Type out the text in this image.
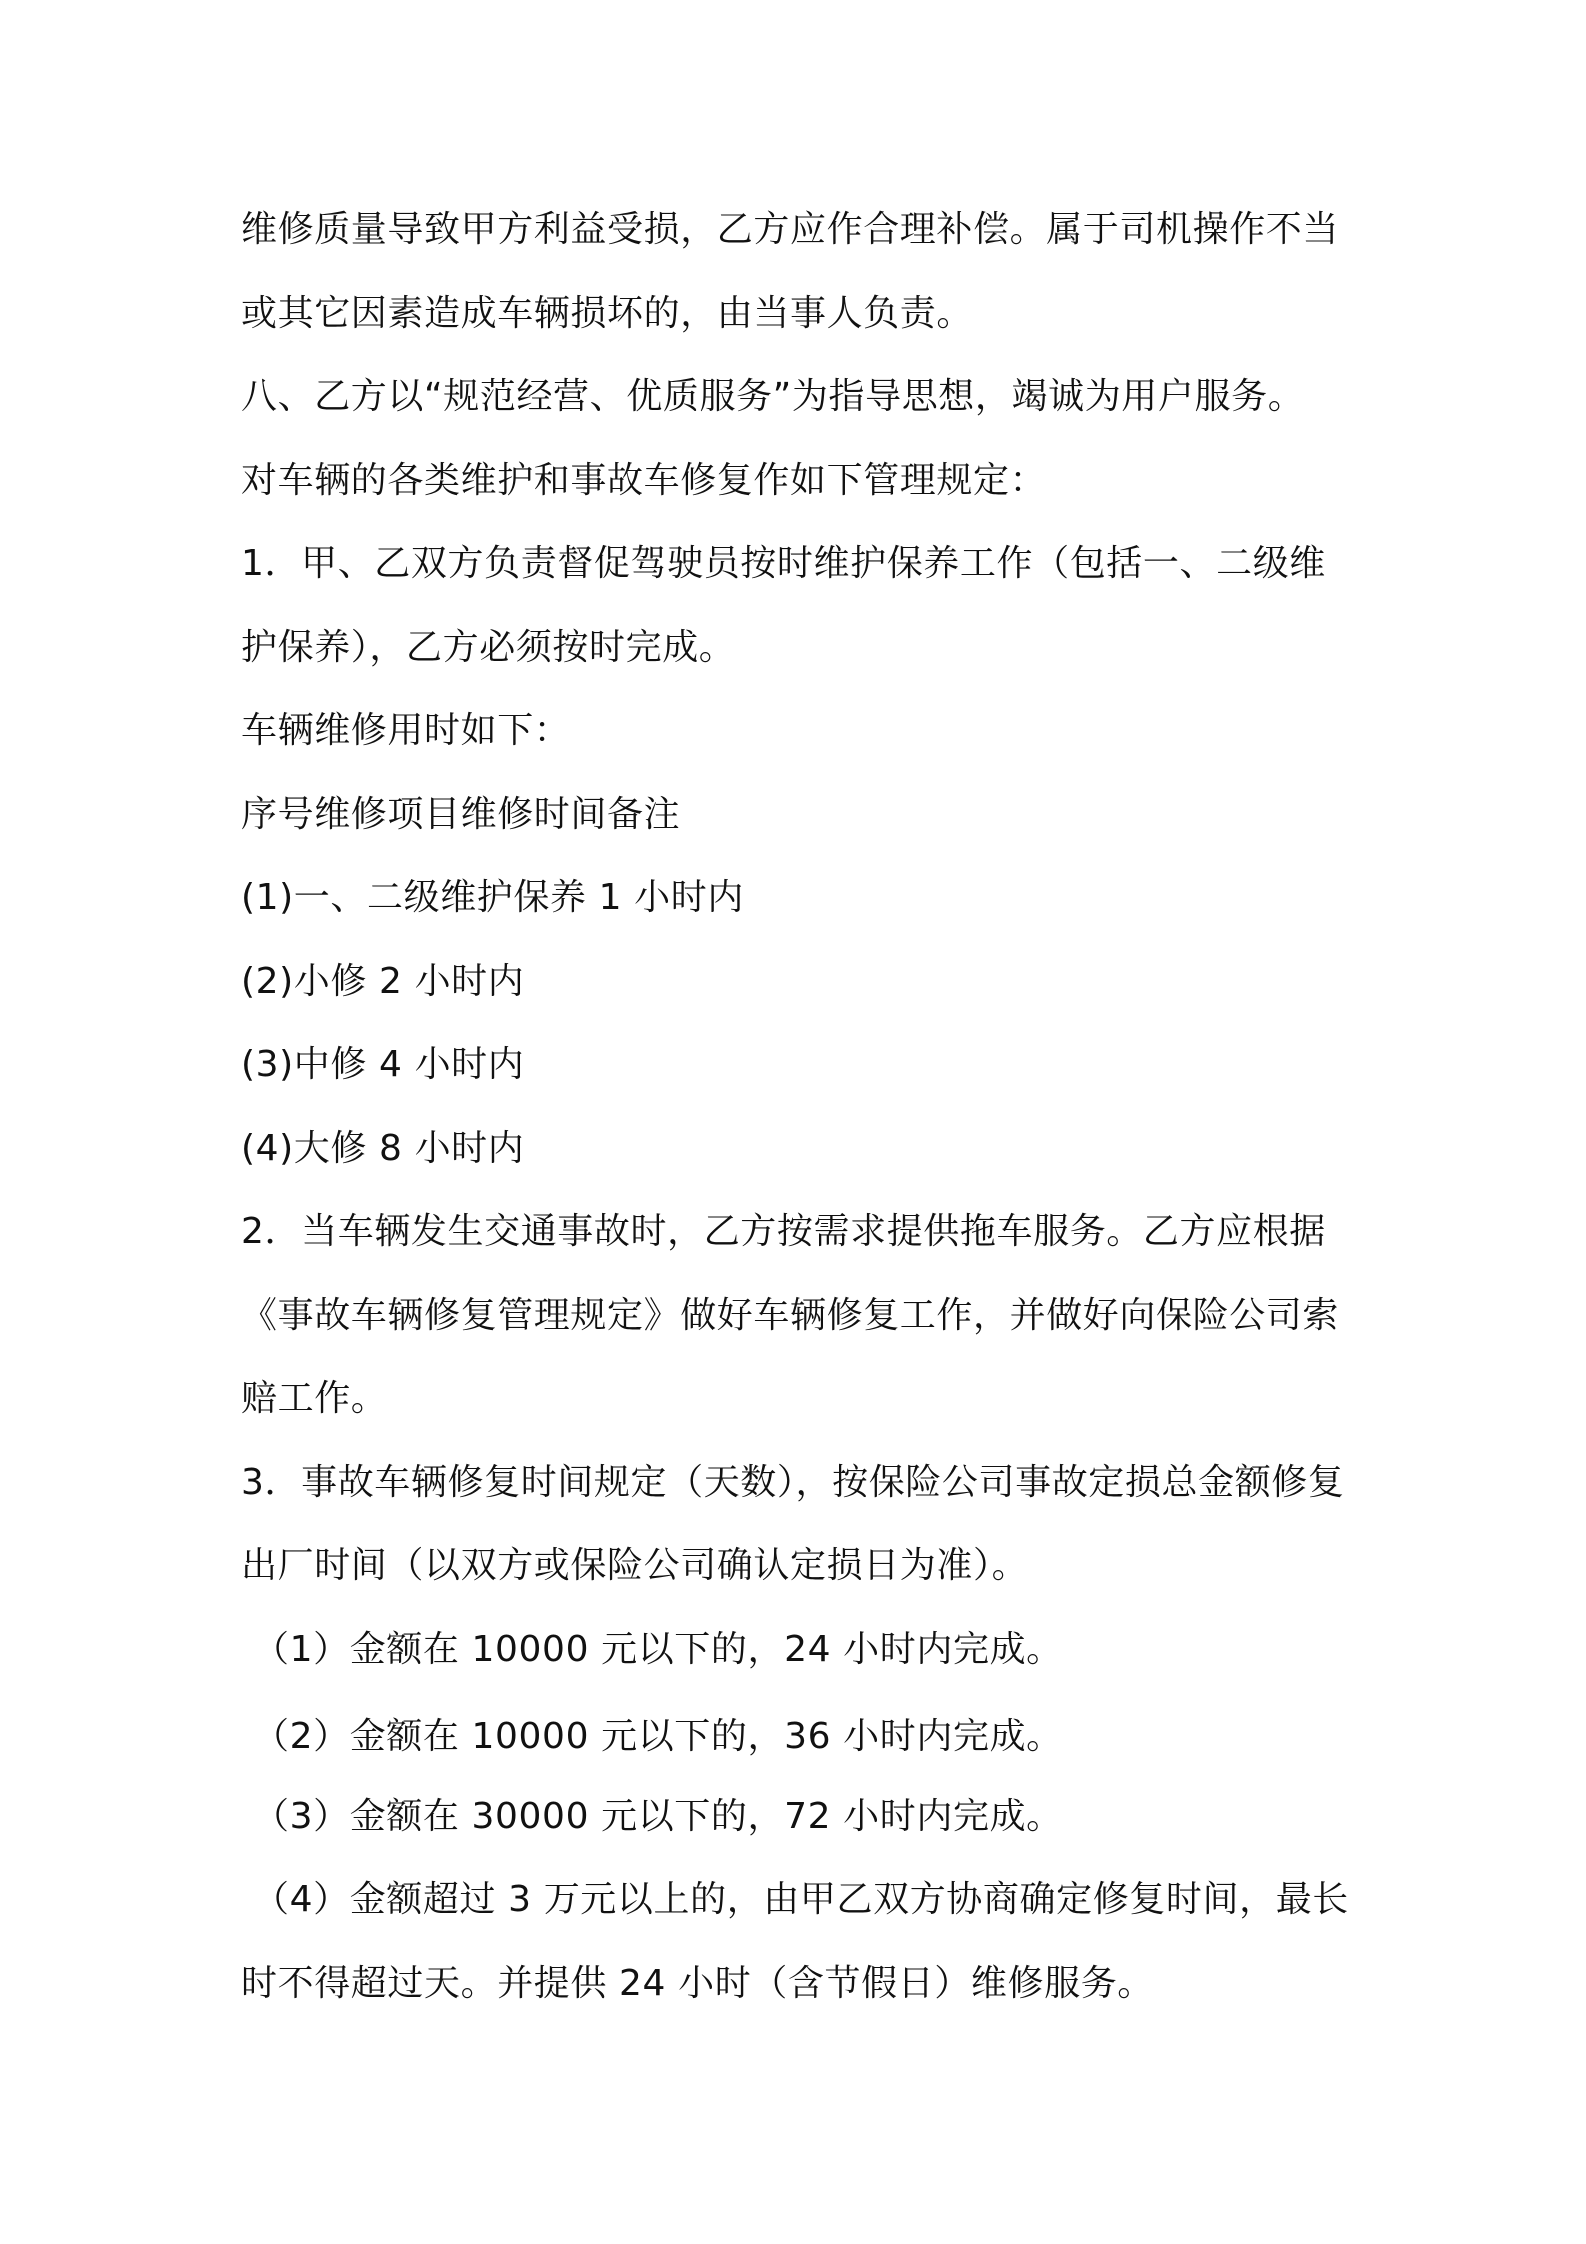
维修质量导致甲方利益受损，乙方应作合理补偿。属于司机操作不当
或其它因素造成车辆损坏的，由当事人负责。
八、乙方以“规范经营、优质服务”为指导思想，竭诚为用户服务。
对车辆的各类维护和事故车修复作如下管理规定：
1．甲、乙双方负责督促驾驶员按时维护保养工作（包括一、二级维
护保养），乙方必须按时完成。
车辆维修用时如下：
序号维修项目维修时间备注
(1)一、二级维护保养 1 小时内
(2)小修 2 小时内
(3)中修 4 小时内
(4)大修 8 小时内
2．当车辆发生交通事故时，乙方按需求提供拖车服务。乙方应根据
《事故车辆修复管理规定》做好车辆修复工作，并做好向保险公司索
赔工作。
3．事故车辆修复时间规定（天数），按保险公司事故定损总金额修复
出厂时间（以双方或保险公司确认定损日为准）。
（1）金额在 10000 元以下的，24 小时内完成。
（2）金额在 10000 元以下的，36 小时内完成。
（3）金额在 30000 元以下的，72 小时内完成。
（4）金额超过 3 万元以上的，由甲乙双方协商确定修复时间，最长
时不得超过天。并提供 24 小时（含节假日）维修服务。
